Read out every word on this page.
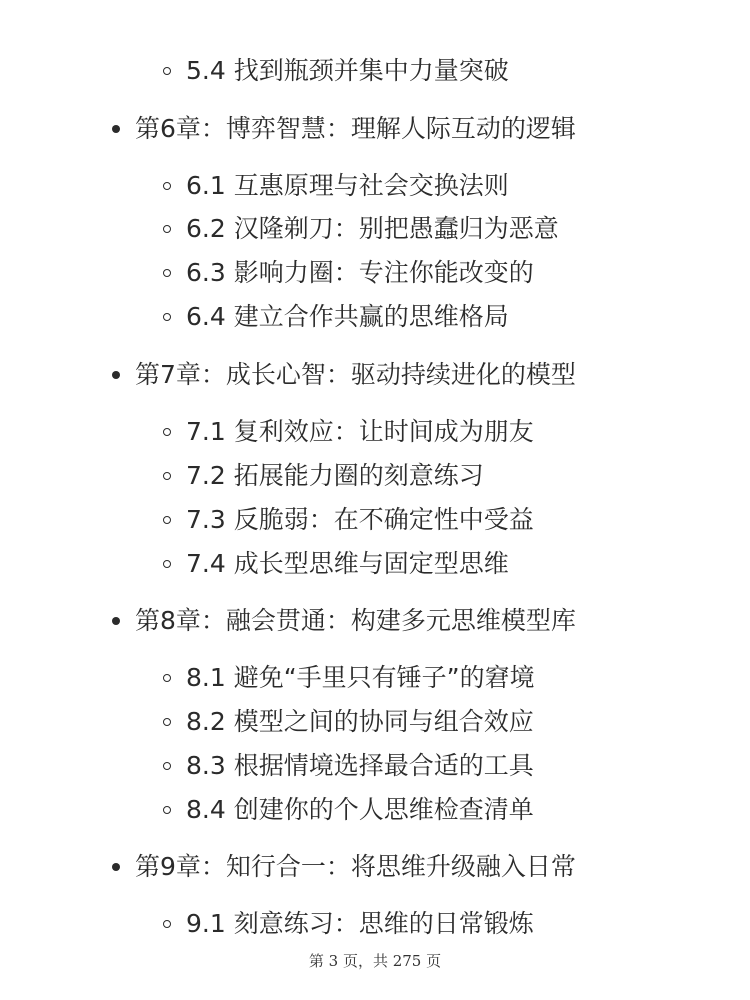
5.4 找到瓶颈并集中力量突破
第6章：博弈智慧：理解人际互动的逻辑
6.1 互惠原理与社会交换法则
6.2 汉隆剃刀：别把愚蠢归为恶意
6.3 影响力圈：专注你能改变的
6.4 建立合作共赢的思维格局
第7章：成长心智：驱动持续进化的模型
7.1 复利效应：让时间成为朋友
7.2 拓展能力圈的刻意练习
7.3 反脆弱：在不确定性中受益
7.4 成长型思维与固定型思维
第8章：融会贯通：构建多元思维模型库
8.1 避免“手里只有锤子”的窘境
8.2 模型之间的协同与组合效应
8.3 根据情境选择最合适的工具
8.4 创建你的个人思维检查清单
第9章：知行合一：将思维升级融入日常
9.1 刻意练习：思维的日常锻炼
第 3 页，共 275 页
